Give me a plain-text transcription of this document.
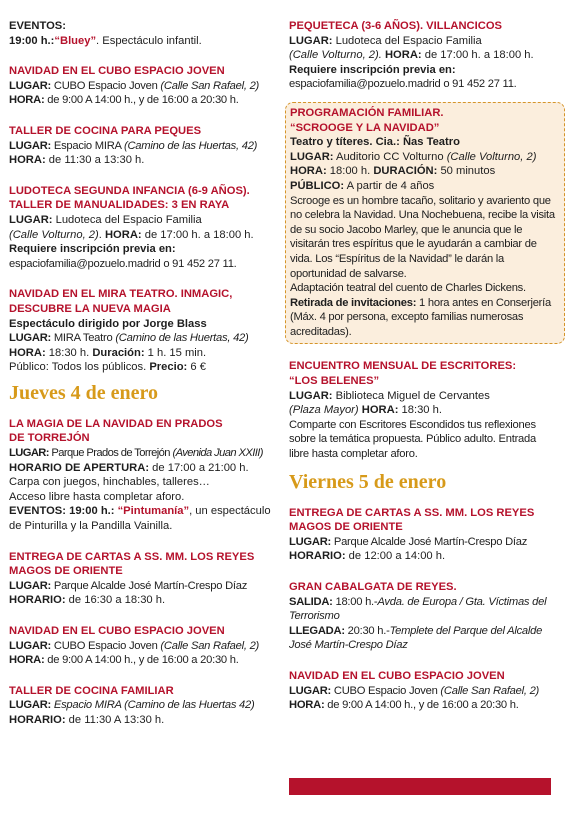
EVENTOS:

19:00 h.:“Bluey”. Espectáculo infantil.

NAVIDAD EN EL CUBO ESPACIO JOVEN

LUGAR: CUBO Espacio Joven (Calle San Rafael, 2)

HORA: de 9:00 A 14:00 h., y de 16:00 a 20:30 h.

TALLER DE COCINA PARA PEQUES

LUGAR: Espacio MIRA (Camino de las Huertas, 42)

HORA: de 11:30 a 13:30 h.

LUDOTECA SEGUNDA INFANCIA (6-9 AÑOS).

TALLER DE MANUALIDADES: 3 EN RAYA

LUGAR: Ludoteca del Espacio Familia

(Calle Volturno, 2). HORA: de 17:00 h. a 18:00 h.

Requiere inscripción previa en:

espaciofamilia@pozuelo.madrid o 91 452 27 11.

NAVIDAD EN EL MIRA TEATRO. INMAGIC,

DESCUBRE LA NUEVA MAGIA

Espectáculo dirigido por Jorge Blass

LUGAR: MIRA Teatro (Camino de las Huertas, 42)

HORA: 18:30 h. Duración: 1 h. 15 min.

Público: Todos los públicos. Precio: 6 €

Jueves 4 de enero

LA MAGIA DE LA NAVIDAD EN PRADOS

DE TORREJÓN

LUGAR: Parque Prados de Torrejón (Avenida Juan XXIII)

HORARIO DE APERTURA: de 17:00 a 21:00 h.

Carpa con juegos, hinchables, talleres…

Acceso libre hasta completar aforo.

EVENTOS: 19:00 h.: “Pintumanía”, un espectáculo de Pinturilla y la Pandilla Vainilla.

ENTREGA DE CARTAS A SS. MM. LOS REYES

MAGOS DE ORIENTE

LUGAR: Parque Alcalde José Martín-Crespo Díaz

HORARIO: de 16:30 a 18:30 h.

NAVIDAD EN EL CUBO ESPACIO JOVEN

LUGAR: CUBO Espacio Joven (Calle San Rafael, 2)

HORA: de 9:00 A 14:00 h., y de 16:00 a 20:30 h.

TALLER DE COCINA FAMILIAR

LUGAR: Espacio MIRA (Camino de las Huertas 42)

HORARIO: de 11:30 A 13:30 h.

PEQUETECA (3-6 AÑOS). VILLANCICOS

LUGAR: Ludoteca del Espacio Familia

(Calle Volturno, 2). HORA: de 17:00 h. a 18:00 h.

Requiere inscripción previa en:

espaciofamilia@pozuelo.madrid o 91 452 27 11.

PROGRAMACIÓN FAMILIAR.

“SCROOGE Y LA NAVIDAD”

Teatro y títeres. Cia.: Ñas Teatro

LUGAR: Auditorio CC Volturno (Calle Volturno, 2)

HORA: 18:00 h. DURACIÓN: 50 minutos

PÚBLICO: A partir de 4 años

Scrooge es un hombre tacaño, solitario y avariento que no celebra la Navidad. Una Nochebuena, recibe la visita de su socio Jacobo Marley, que le anuncia que le visitarán tres espíritus que le ayudarán a cambiar de vida. Los “Espíritus de la Navidad” le darán la oportunidad de salvarse.

Adaptación teatral del cuento de Charles Dickens.

Retirada de invitaciones: 1 hora antes en Conserjería (Máx. 4 por persona, excepto familias numerosas acreditadas).

ENCUENTRO MENSUAL DE ESCRITORES:

“LOS BELENES”

LUGAR: Biblioteca Miguel de Cervantes

(Plaza Mayor) HORA: 18:30 h.

Comparte con Escritores Escondidos tus reflexiones sobre la temática propuesta. Público adulto. Entrada libre hasta completar aforo.

Viernes 5 de enero

ENTREGA DE CARTAS A SS. MM. LOS REYES

MAGOS DE ORIENTE

LUGAR: Parque Alcalde José Martín-Crespo Díaz

HORARIO: de 12:00 a 14:00 h.

GRAN CABALGATA DE REYES.

SALIDA: 18:00 h.-Avda. de Europa / Gta. Víctimas del Terrorismo

LLEGADA: 20:30 h.-Templete del Parque del Alcalde José Martín-Crespo Díaz

NAVIDAD EN EL CUBO ESPACIO JOVEN

LUGAR: CUBO Espacio Joven (Calle San Rafael, 2)

HORA: de 9:00 A 14:00 h., y de 16:00 a 20:30 h.
